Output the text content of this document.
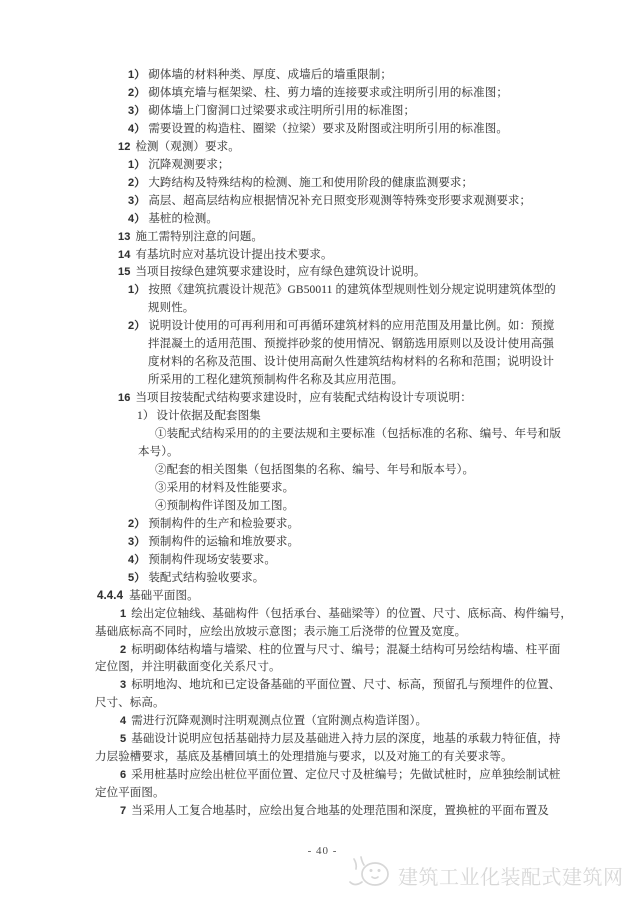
1） 砌体墙的材料种类、厚度、成墙后的墙重限制；
2） 砌体填充墙与框架梁、柱、剪力墙的连接要求或注明所引用的标准图；
3） 砌体墙上门窗洞口过梁要求或注明所引用的标准图；
4） 需要设置的构造柱、圈梁（拉梁）要求及附图或注明所引用的标准图。
12 检测（观测）要求。
1） 沉降观测要求；
2） 大跨结构及特殊结构的检测、施工和使用阶段的健康监测要求；
3） 高层、超高层结构应根据情况补充日照变形观测等特殊变形要求观测要求；
4） 基桩的检测。
13 施工需特别注意的问题。
14 有基坑时应对基坑设计提出技术要求。
15 当项目按绿色建筑要求建设时，应有绿色建筑设计说明。
1） 按照《建筑抗震设计规范》GB50011 的建筑体型规则性划分规定说明建筑体型的
规则性。
2） 说明设计使用的可再利用和可再循环建筑材料的应用范围及用量比例。如：预搅
拌混凝土的适用范围、预搅拌砂浆的使用情况、钢筋选用原则以及设计使用高强
度材料的名称及范围、设计使用高耐久性建筑结构材料的名称和范围；说明设计
所采用的工程化建筑预制构件名称及其应用范围。
16 当项目按装配式结构要求建设时，应有装配式结构设计专项说明：
1） 设计依据及配套图集
①装配式结构采用的的主要法规和主要标准（包括标准的名称、编号、年号和版
本号）。
②配套的相关图集（包括图集的名称、编号、年号和版本号）。
③采用的材料及性能要求。
④预制构件详图及加工图。
2） 预制构件的生产和检验要求。
3） 预制构件的运输和堆放要求。
4） 预制构件现场安装要求。
5） 装配式结构验收要求。
4.4.4 基础平面图。
1 绘出定位轴线、基础构件（包括承台、基础梁等）的位置、尺寸、底标高、构件编号，
基础底标高不同时，应绘出放坡示意图；表示施工后浇带的位置及宽度。
2 标明砌体结构墙与墙梁、柱的位置与尺寸、编号；混凝土结构可另绘结构墙、柱平面
定位图，并注明截面变化关系尺寸。
3 标明地沟、地坑和已定设备基础的平面位置、尺寸、标高，预留孔与预埋件的位置、
尺寸、标高。
4 需进行沉降观测时注明观测点位置（宜附测点构造详图）。
5 基础设计说明应包括基础持力层及基础进入持力层的深度，地基的承载力特征值，持
力层验槽要求，基底及基槽回填土的处理措施与要求，以及对施工的有关要求等。
6 采用桩基时应绘出桩位平面位置、定位尺寸及桩编号；先做试桩时，应单独绘制试桩
定位平面图。
7 当采用人工复合地基时，应绘出复合地基的处理范围和深度，置换桩的平面布置及
- 40 -
建筑工业化装配式建筑网
